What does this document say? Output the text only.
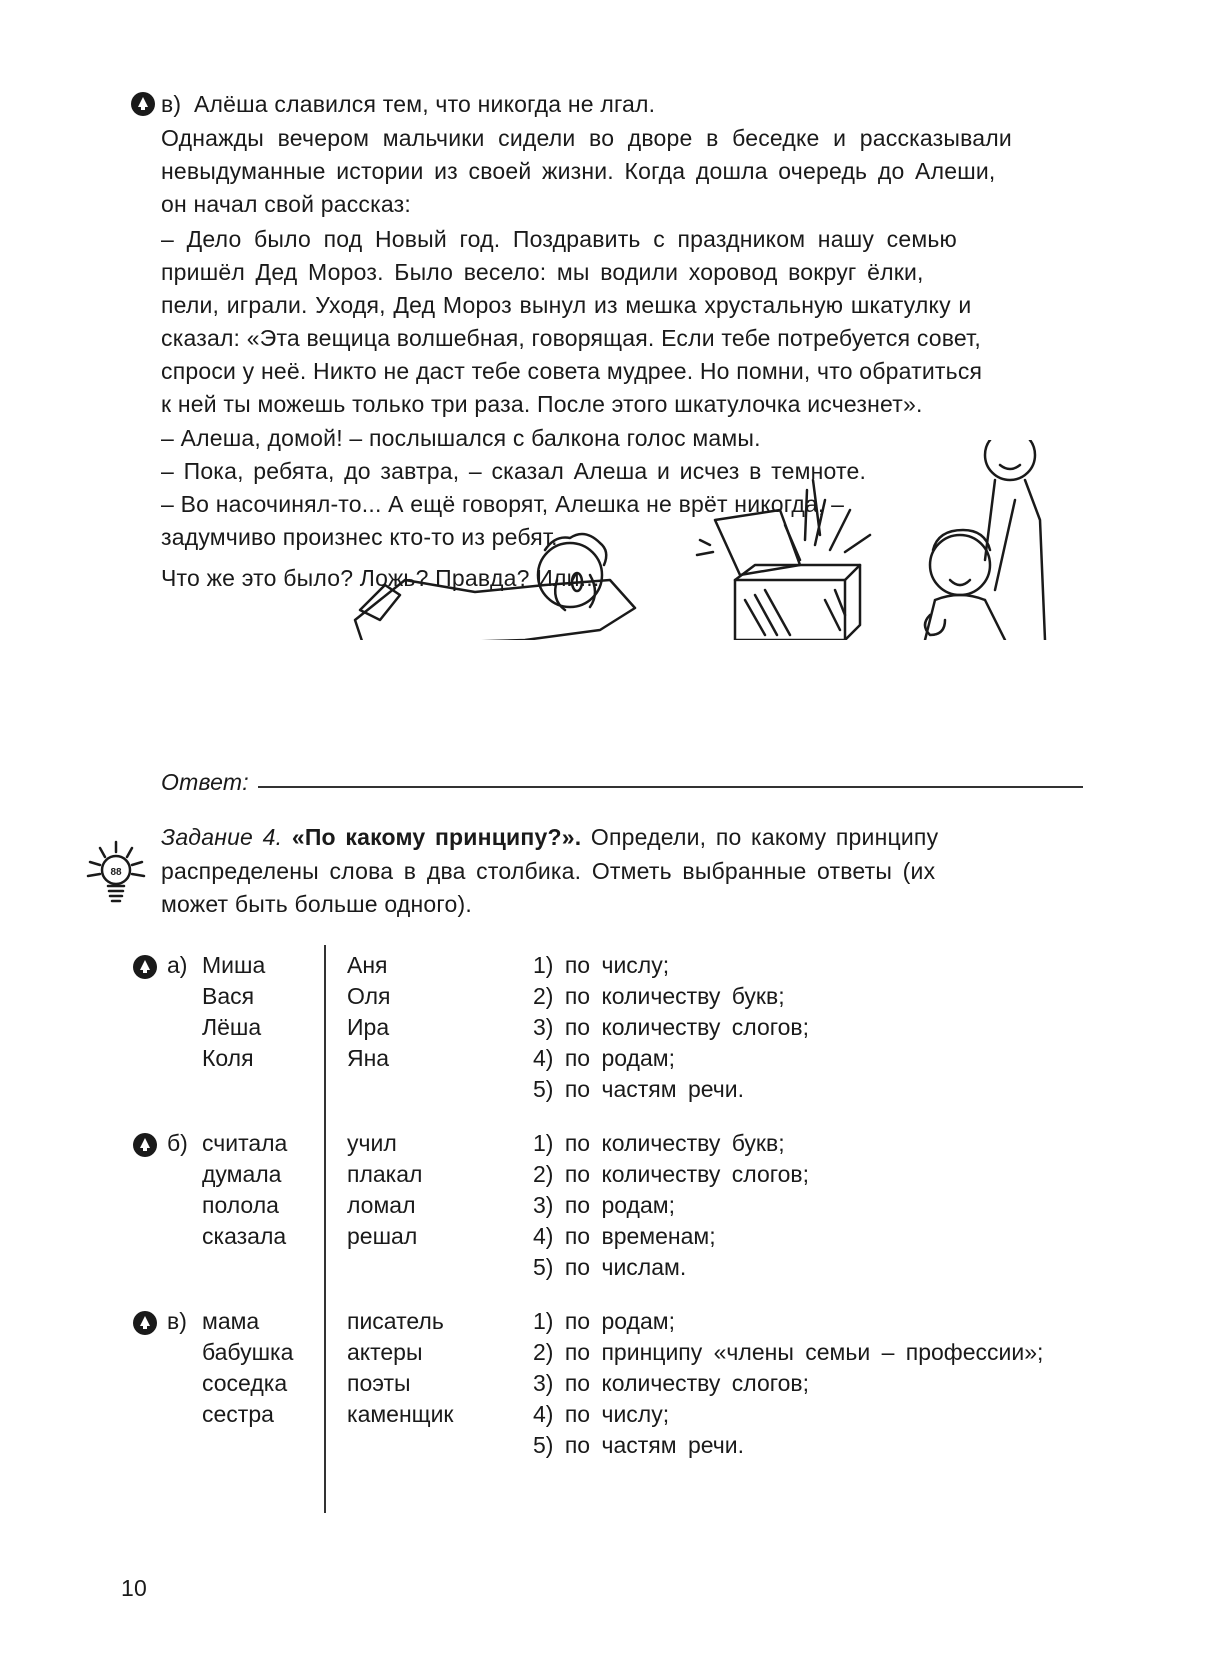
в) Алёша славился тем, что никогда не лгал.
Однажды вечером мальчики сидели во дворе в беседке и рассказывали
невыдуманные истории из своей жизни. Когда дошла очередь до Алеши,
он начал свой рассказ:
– Дело было под Новый год. Поздравить с праздником нашу семью
пришёл Дед Мороз. Было весело: мы водили хоровод вокруг ёлки,
пели, играли. Уходя, Дед Мороз вынул из мешка хрустальную шкатулку и
сказал: «Эта вещица волшебная, говорящая. Если тебе потребуется совет,
спроси у неё. Никто не даст тебе совета мудрее. Но помни, что обратиться
к ней ты можешь только три раза. После этого шкатулочка исчезнет».
– Алеша, домой! – послышался с балкона голос мамы.
– Пока, ребята, до завтра, – сказал Алеша и исчез в темноте.
– Во насочинял-то... А ещё говорят, Алешка не врёт никогда, –
задумчиво произнес кто-то из ребят.
Что же это было? Ложь? Правда? Или...
Ответ:
88
Задание 4. «По какому принципу?». Определи, по какому принципу
распределены слова в два столбика. Отметь выбранные ответы (их
может быть больше одного).
а) Миша
Вася
Лёша
Коля
Аня
Оля
Ира
Яна
1) по числу;
2) по количеству букв;
3) по количеству слогов;
4) по родам;
5) по частям речи.
б) считала
думала
полола
сказала
учил
плакал
ломал
решал
1) по количеству букв;
2) по количеству слогов;
3) по родам;
4) по временам;
5) по числам.
в) мама
бабушка
соседка
сестра
писатель
актеры
поэты
каменщик
1) по родам;
2) по принципу «члены семьи – профессии»;
3) по количеству слогов;
4) по числу;
5) по частям речи.
10
